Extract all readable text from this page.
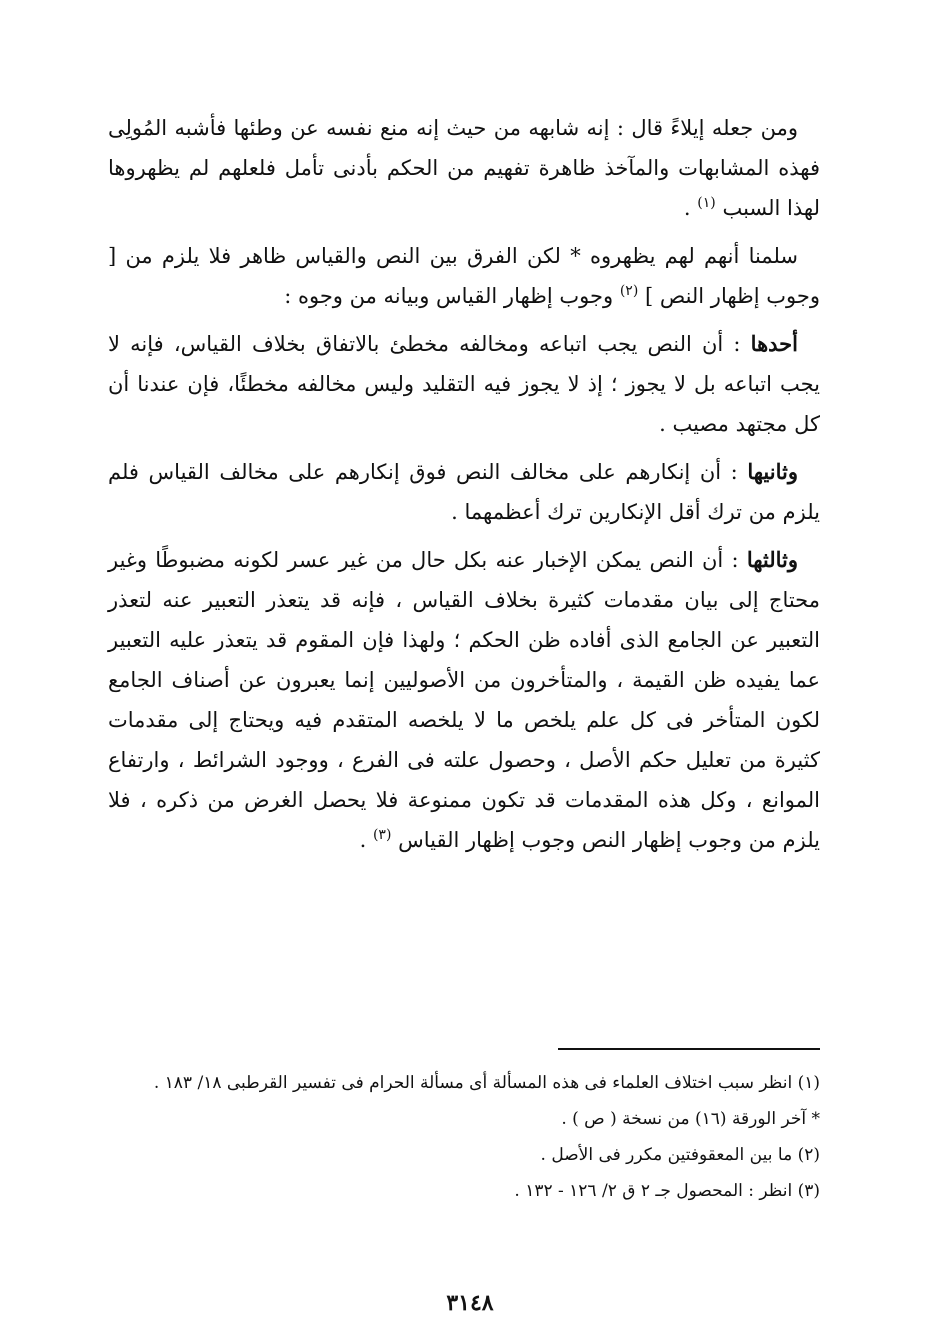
ومن جعله إيلاءً قال : إنه شابهه من حيث إنه منع نفسه عن وطئها فأشبه المُولِى فهذه المشابهات والمآخذ ظاهرة تفهيم من الحكم بأدنى تأمل فلعلهم لم يظهروها لهذا السبب $^{(١)}$ .

سلمنا أنهم لهم يظهروه * لكن الفرق بين النص والقياس ظاهر فلا يلزم من [ وجوب إظهار النص ] $^{(٢)}$ وجوب إظهار القياس وبيانه من وجوه :

أحدها : أن النص يجب اتباعه ومخالفه مخطئ بالاتفاق بخلاف القياس، فإنه لا يجب اتباعه بل لا يجوز ؛ إذ لا يجوز فيه التقليد وليس مخالفه مخطئًا، فإن عندنا أن كل مجتهد مصيب .

وثانيها : أن إنكارهم على مخالف النص فوق إنكارهم على مخالف القياس فلم يلزم من ترك أقل الإنكارين ترك أعظمهما .

وثالثها : أن النص يمكن الإخبار عنه بكل حال من غير عسر لكونه مضبوطًا وغير محتاج إلى بيان مقدمات كثيرة بخلاف القياس ، فإنه قد يتعذر التعبير عنه لتعذر التعبير عن الجامع الذى أفاده ظن الحكم ؛ ولهذا فإن المقوم قد يتعذر عليه التعبير عما يفيده ظن القيمة ، والمتأخرون من الأصوليين إنما يعبرون عن أصناف الجامع لكون المتأخر فى كل علم يلخص ما لا يلخصه المتقدم فيه ويحتاج إلى مقدمات كثيرة من تعليل حكم الأصل ، وحصول علته فى الفرع ، ووجود الشرائط ، وارتفاع الموانع ، وكل هذه المقدمات قد تكون ممنوعة فلا يحصل الغرض من ذكره ، فلا يلزم من وجوب إظهار النص وجوب إظهار القياس $^{(٣)}$ .

(١) انظر سبب اختلاف العلماء فى هذه المسألة أى مسألة الحرام فى تفسير القرطبى ١٨/ ١٨٣ .
* آخر الورقة (١٦) من نسخة ( ص ) .
(٢) ما بين المعقوفتين مكرر فى الأصل .
(٣) انظر : المحصول جـ ٢ ق ٢/ ١٢٦ - ١٣٢ .
٣١٤٨
